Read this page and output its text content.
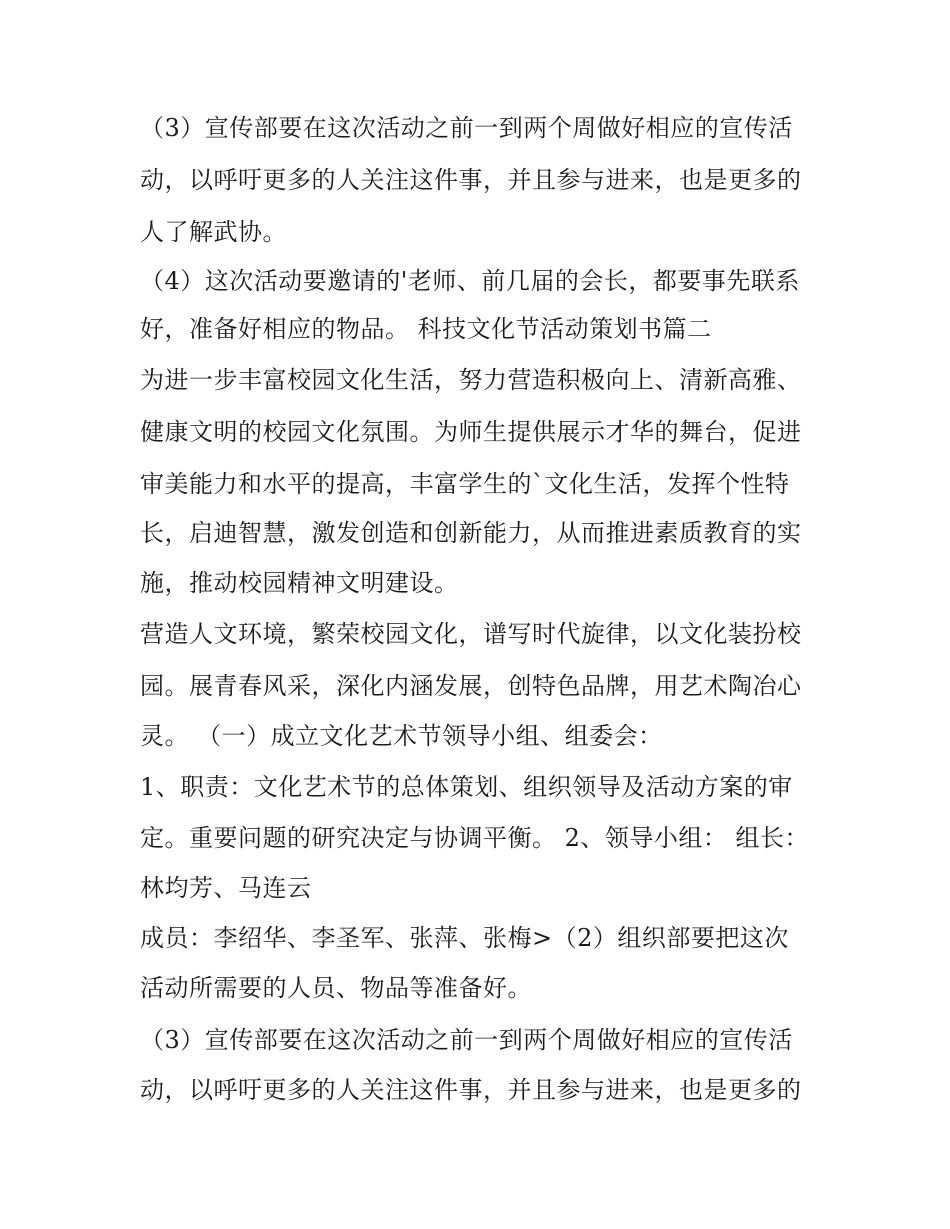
（3）宣传部要在这次活动之前一到两个周做好相应的宣传活
动，以呼吁更多的人关注这件事，并且参与进来，也是更多的
人了解武协。
（4）这次活动要邀请的'老师、前几届的会长，都要事先联系
好，准备好相应的物品。 科技文化节活动策划书篇二
为进一步丰富校园文化生活，努力营造积极向上、清新高雅、
健康文明的校园文化氛围。为师生提供展示才华的舞台，促进
审美能力和水平的提高，丰富学生的`文化生活，发挥个性特
长，启迪智慧，激发创造和创新能力，从而推进素质教育的实
施，推动校园精神文明建设。
营造人文环境，繁荣校园文化，谱写时代旋律，以文化装扮校
园。展青春风采，深化内涵发展，创特色品牌，用艺术陶冶心
灵。 （一）成立文化艺术节领导小组、组委会：
1、职责：文化艺术节的总体策划、组织领导及活动方案的审
定。重要问题的研究决定与协调平衡。 2、领导小组： 组长：
林均芳、马连云
成员：李绍华、李圣军、张萍、张梅>（2）组织部要把这次
活动所需要的人员、物品等准备好。
（3）宣传部要在这次活动之前一到两个周做好相应的宣传活
动，以呼吁更多的人关注这件事，并且参与进来，也是更多的
